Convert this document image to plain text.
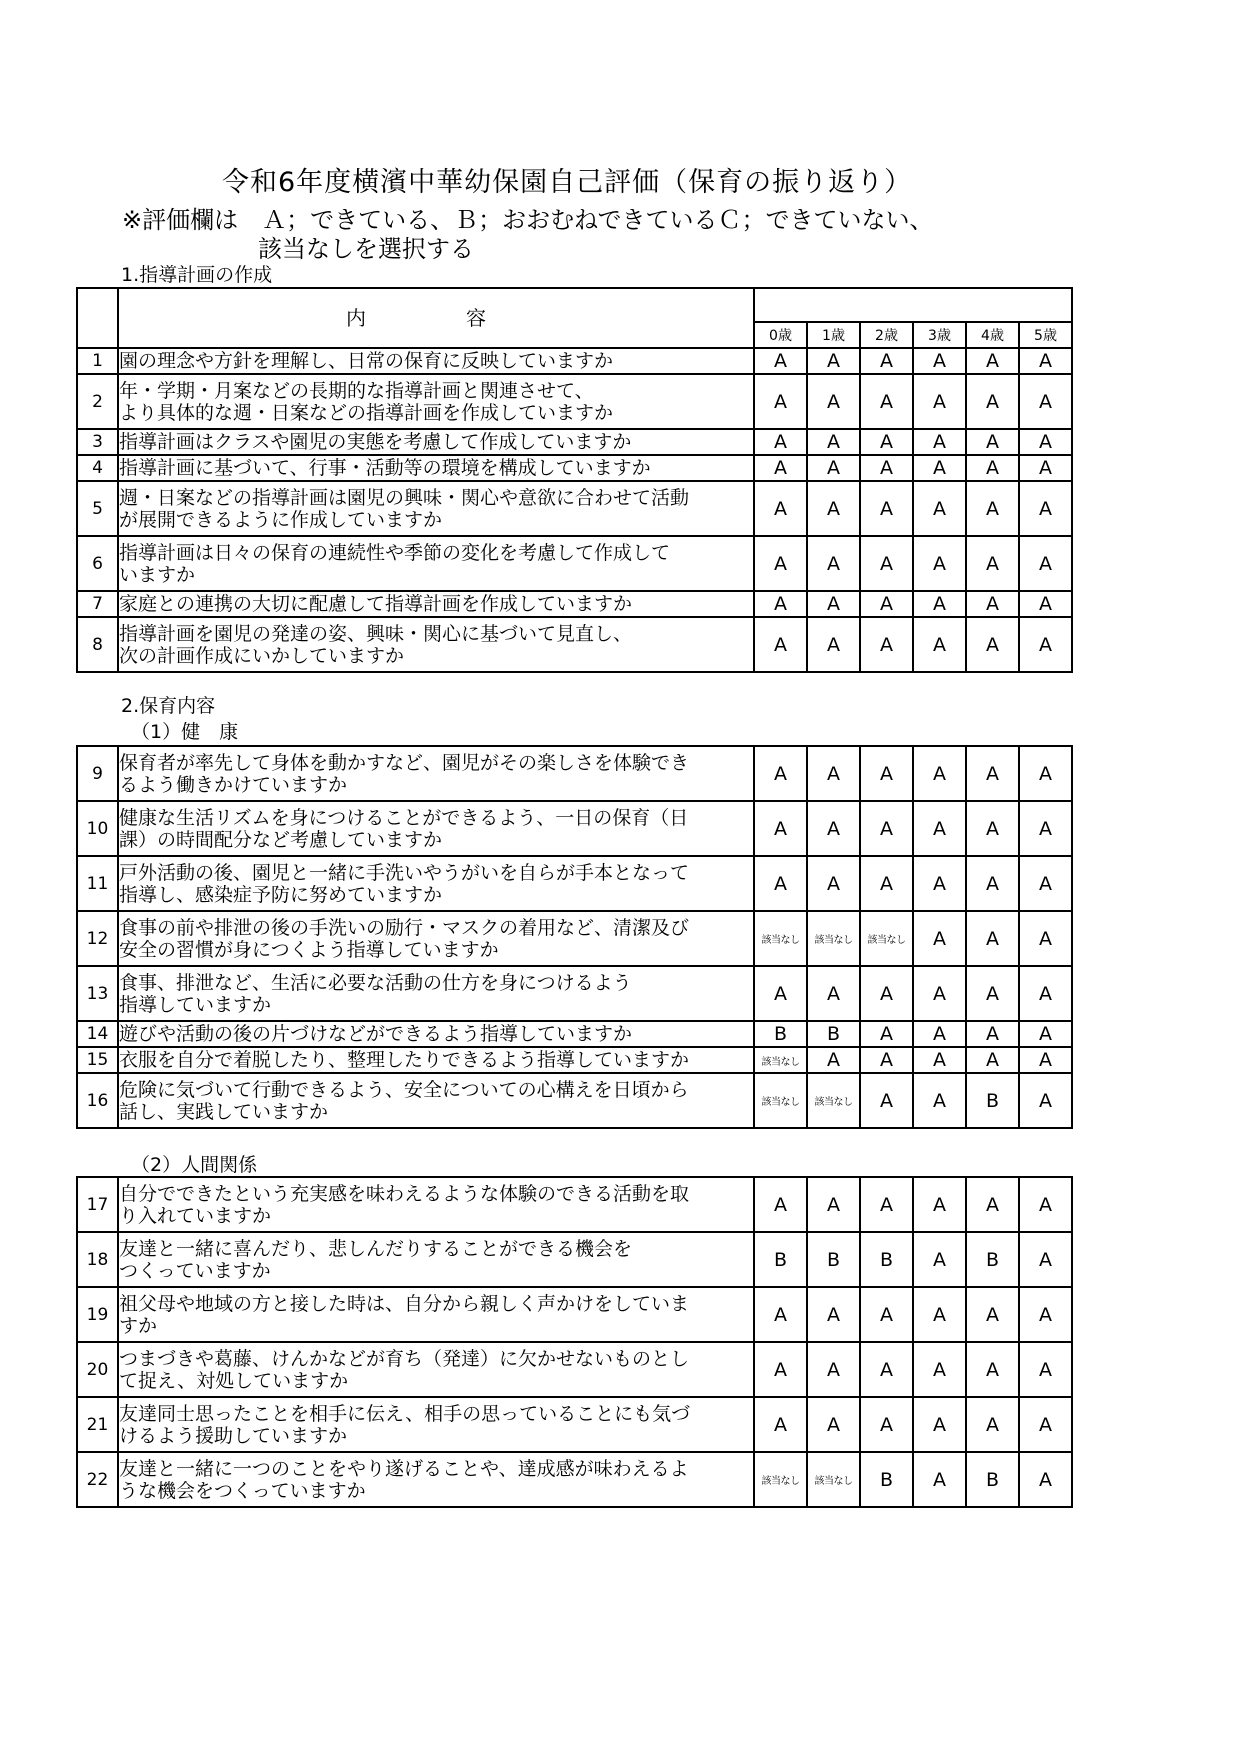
令和6年度横濱中華幼保園自己評価（保育の振り返り）
※評価欄は　Ａ；できている、Ｂ；おおむねできているＣ；できていない、
該当なしを選択する
1.指導計画の作成
	内　容						
		0歳	1歳	2歳	3歳	4歳	5歳
1	園の理念や方針を理解し、日常の保育に反映していますか	A	A	A	A	A	A
2	年・学期・月案などの長期的な指導計画と関連させて、
より具体的な週・日案などの指導計画を作成していますか	A	A	A	A	A	A
3	指導計画はクラスや園児の実態を考慮して作成していますか	A	A	A	A	A	A
4	指導計画に基づいて、行事・活動等の環境を構成していますか	A	A	A	A	A	A
5	週・日案などの指導計画は園児の興味・関心や意欲に合わせて活動
が展開できるように作成していますか	A	A	A	A	A	A
6	指導計画は日々の保育の連続性や季節の変化を考慮して作成して
いますか	A	A	A	A	A	A
7	家庭との連携の大切に配慮して指導計画を作成していますか	A	A	A	A	A	A
8	指導計画を園児の発達の姿、興味・関心に基づいて見直し、
次の計画作成にいかしていますか	A	A	A	A	A	A
2.保育内容
（1）健　康
9	保育者が率先して身体を動かすなど、園児がその楽しさを体験でき
るよう働きかけていますか	A	A	A	A	A	A
10	健康な生活リズムを身につけることができるよう、一日の保育（日
課）の時間配分など考慮していますか	A	A	A	A	A	A
11	戸外活動の後、園児と一緒に手洗いやうがいを自らが手本となって
指導し、感染症予防に努めていますか	A	A	A	A	A	A
12	食事の前や排泄の後の手洗いの励行・マスクの着用など、清潔及び
安全の習慣が身につくよう指導していますか	該当なし	該当なし	該当なし	A	A	A
13	食事、排泄など、生活に必要な活動の仕方を身につけるよう
指導していますか	A	A	A	A	A	A
14	遊びや活動の後の片づけなどができるよう指導していますか	B	B	A	A	A	A
15	衣服を自分で着脱したり、整理したりできるよう指導していますか	該当なし	A	A	A	A	A
16	危険に気づいて行動できるよう、安全についての心構えを日頃から
話し、実践していますか	該当なし	該当なし	A	A	B	A
（2）人間関係
17	自分でできたという充実感を味わえるような体験のできる活動を取
り入れていますか	A	A	A	A	A	A
18	友達と一緒に喜んだり、悲しんだりすることができる機会を
つくっていますか	B	B	B	A	B	A
19	祖父母や地域の方と接した時は、自分から親しく声かけをしていま
すか	A	A	A	A	A	A
20	つまづきや葛藤、けんかなどが育ち（発達）に欠かせないものとし
て捉え、対処していますか	A	A	A	A	A	A
21	友達同士思ったことを相手に伝え、相手の思っていることにも気づ
けるよう援助していますか	A	A	A	A	A	A
22	友達と一緒に一つのことをやり遂げることや、達成感が味わえるよ
うな機会をつくっていますか	該当なし	該当なし	B	A	B	A
